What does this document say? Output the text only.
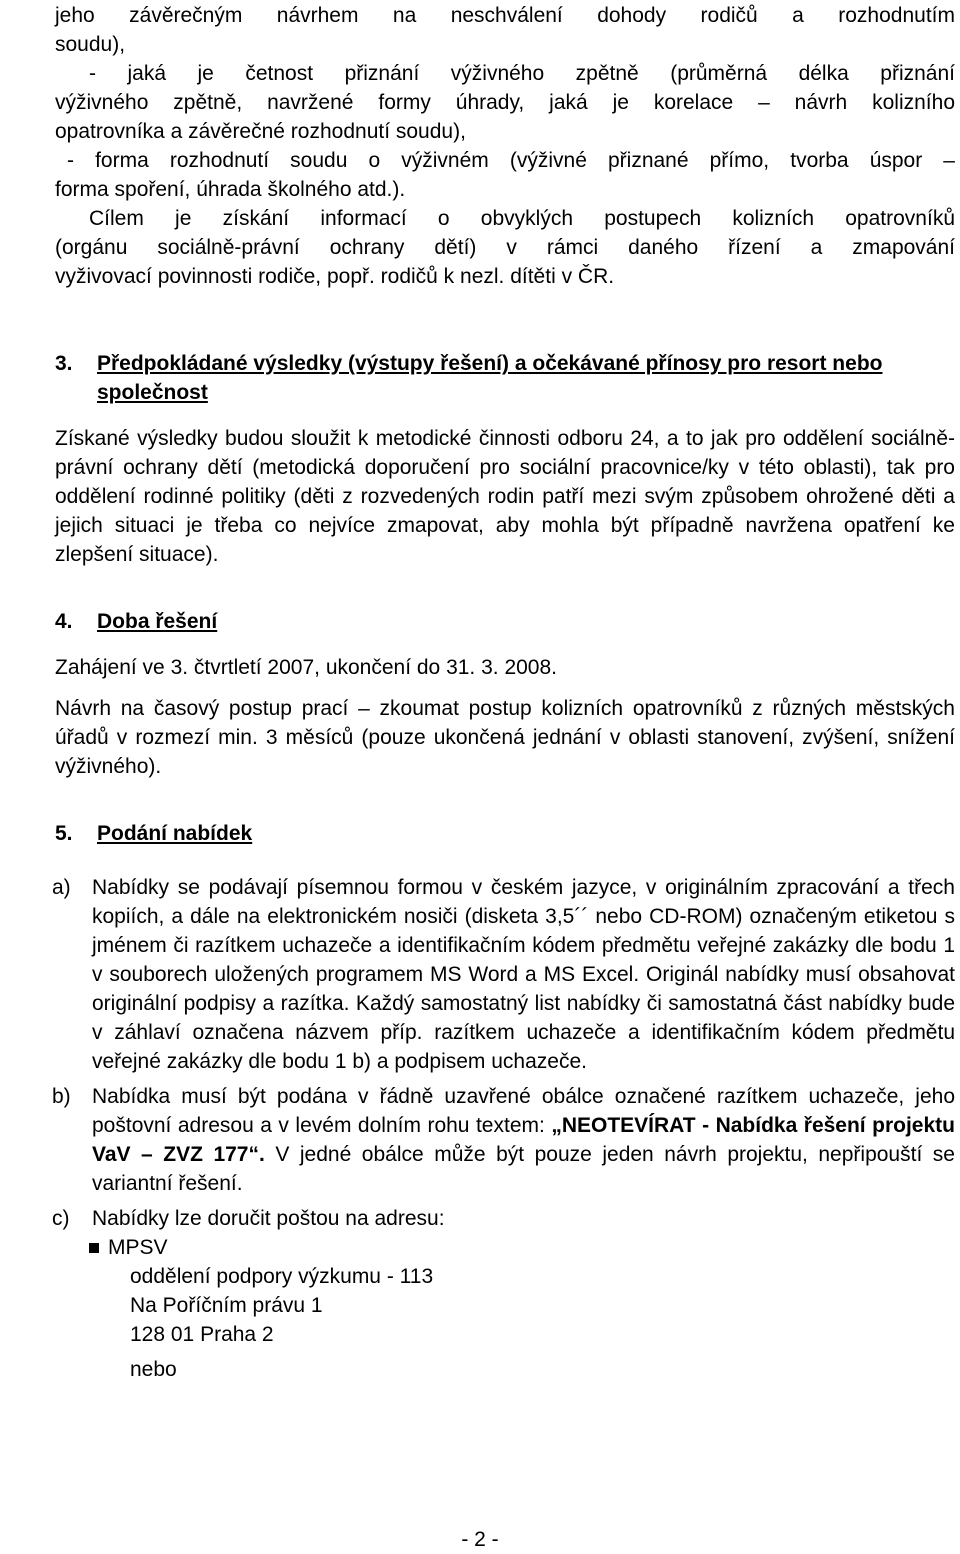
jeho závěrečným návrhem na neschválení dohody rodičů a rozhodnutím

soudu),

- jaká je četnost přiznání výživného zpětně (průměrná délka přiznání

výživného zpětně, navržené formy úhrady, jaká je korelace – návrh kolizního

opatrovníka a závěrečné rozhodnutí soudu),

- forma rozhodnutí soudu o výživném (výživné přiznané přímo, tvorba úspor –

forma spoření, úhrada školného atd.).

Cílem je získání informací o obvyklých postupech kolizních opatrovníků

(orgánu sociálně-právní ochrany dětí) v rámci daného řízení a zmapování

vyživovací povinnosti rodiče, popř. rodičů k nezl. dítěti v ČR.

3.	Předpokládané výsledky (výstupy řešení) a očekávané přínosy pro resort nebo společnost

Získané výsledky budou sloužit k metodické činnosti odboru 24, a to jak pro oddělení sociálně-právní ochrany dětí (metodická doporučení pro sociální pracovnice/ky v této oblasti), tak pro oddělení rodinné politiky (děti z rozvedených rodin patří mezi svým způsobem ohrožené děti a jejich situaci je třeba co nejvíce zmapovat, aby mohla být případně navržena opatření ke zlepšení situace).

4.	Doba řešení

Zahájení ve 3. čtvrtletí 2007, ukončení do 31. 3. 2008.

Návrh na časový postup prací – zkoumat postup kolizních opatrovníků z různých městských úřadů v rozmezí min. 3 měsíců (pouze ukončená jednání v oblasti stanovení, zvýšení, snížení výživného).

5.	Podání nabídek
a)	Nabídky se podávají písemnou formou v českém jazyce, v originálním zpracování a třech kopiích, a dále na elektronickém nosiči (disketa 3,5´´ nebo CD-ROM) označeným etiketou s jménem či razítkem uchazeče a identifikačním kódem předmětu veřejné zakázky dle bodu 1 v souborech uložených programem MS Word a MS Excel. Originál nabídky musí obsahovat originální podpisy a razítka. Každý samostatný list nabídky či samostatná část nabídky bude v záhlaví označena názvem příp. razítkem uchazeče a identifikačním kódem předmětu veřejné zakázky dle bodu 1 b) a podpisem uchazeče.
b)	Nabídka musí být podána v řádně uzavřené obálce označené razítkem uchazeče, jeho poštovní adresou a v levém dolním rohu textem: „NEOTEVÍRAT - Nabídka řešení projektu VaV – ZVZ 177“. V jedné obálce může být pouze jeden návrh projektu, nepřipouští se variantní řešení.
c)	Nabídky lze doručit poštou na adresu:
MPSV
oddělení podpory výzkumu - 113
Na Poříčním právu 1
128 01 Praha 2
nebo
- 2 -
